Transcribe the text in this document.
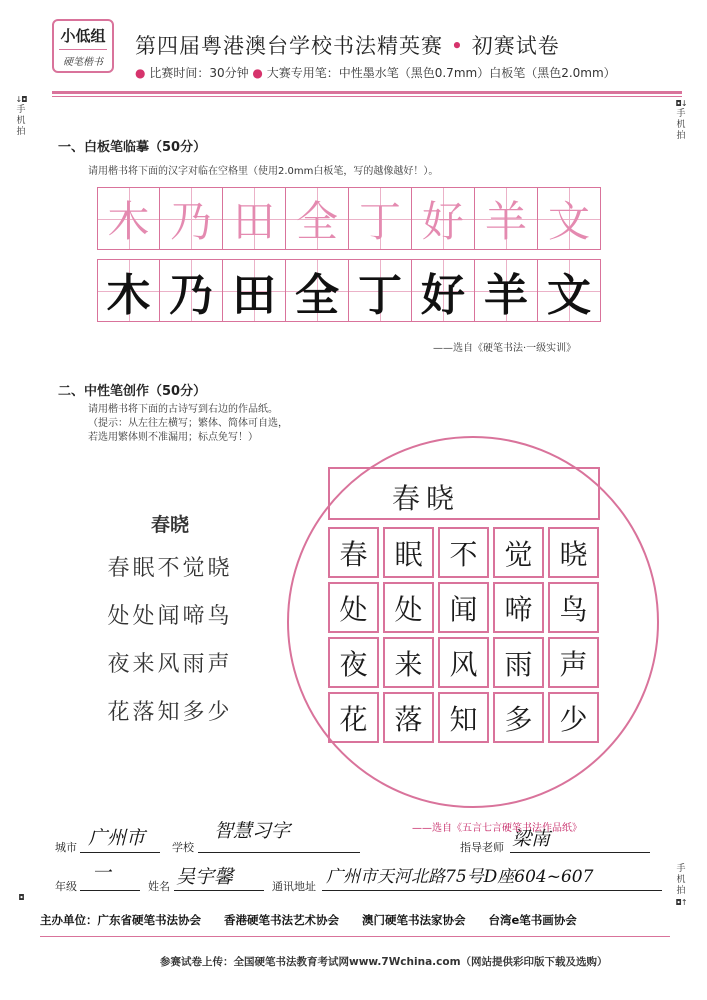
小低组
硬笔楷书
第四届粤港澳台学校书法精英赛 • 初赛试卷
● 比赛时间：30分钟 ● 大赛专用笔：中性墨水笔（黑色0.7mm）白板笔（黑色2.0mm）
↓◘
手机拍
◘↓
手机拍
手机拍
◘↑
◘
一、白板笔临摹（50分）
请用楷书将下面的汉字对临在空格里（使用2.0mm白板笔，写的越像越好！）。
木 乃 田 全 丁 好 羊 文
木 乃 田 全 丁 好 羊 文
——选自《硬笔书法·一级实训》
二、中性笔创作（50分）
请用楷书将下面的古诗写到右边的作品纸。
（提示：从左往左横写；繁体、简体可自选，
若选用繁体则不准漏用；标点免写！）
春晓
春眠不觉晓
处处闻啼鸟
夜来风雨声
花落知多少
春晓
春 眠 不 觉 晓
处 处 闻 啼 鸟
夜 来 风 雨 声
花 落 知 多 少
——选自《五言七言硬笔书法作品纸》
城市 广州市 学校
智慧习字
指导老师 梁南
年级
一
姓名 吴宇馨	通讯地址 广州市天河北路75号D座604~607
主办单位：广东省硬笔书法协会　　香港硬笔书法艺术协会　　澳门硬笔书法家协会　　台湾e笔书画协会
参赛试卷上传：全国硬笔书法教育考试网www.7Wchina.com（网站提供彩印版下载及选购）
